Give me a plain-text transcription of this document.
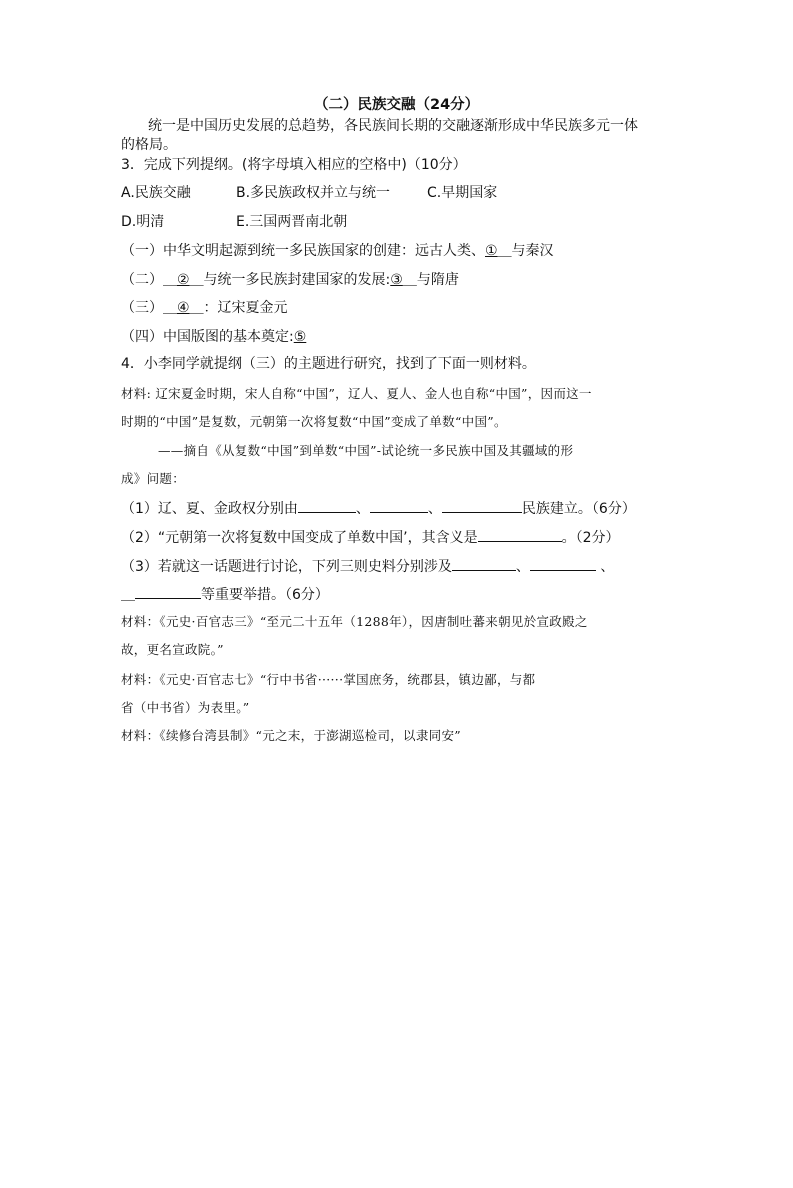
（二）民族交融（24分）
统一是中国历史发展的总趋势，各民族间长期的交融逐渐形成中华民族多元一体
的格局。
3．完成下列提纲。(将字母填入相应的空格中)（10分）
A.民族交融	B.多民族政权并立与统一	C.早期国家
D.明清	E.三国两晋南北朝
（一）中华文明起源到统一多民族国家的创建：远古人类、①＿与秦汉
（二）＿②＿与统一多民族封建国家的发展:③＿与隋唐
（三）＿④＿：辽宋夏金元
（四）中国版图的基本奠定:⑤
4．小李同学就提纲（三）的主题进行研究，找到了下面一则材料。
材料: 辽宋夏金时期，宋人自称“中国”，辽人、夏人、金人也自称“中国”，因而这一
时期的“中国”是复数，元朝第一次将复数“中国”变成了单数“中国”。
——摘自《从复数“中国”到单数“中国”-试论统一多民族中国及其疆域的形
成》问题：
（1）辽、夏、金政权分别由	、	、	民族建立。（6分）
（2）“元朝第一次将复数中国变成了单数中国’，其含义是	。（2分）
（3）若就这一话题进行讨论，下列三则史料分别涉及	、	、
＿	等重要举措。（6分）
材料：《元史·百官志三》“至元二十五年（1288年），因唐制吐蕃来朝见於宣政殿之
故，更名宣政院。”
材料：《元史·百官志七》“行中书省······掌国庶务，统郡县，镇边鄙，与都
省（中书省）为表里。”
材料：《续修台湾县制》“元之末，于澎湖巡检司，以隶同安”
